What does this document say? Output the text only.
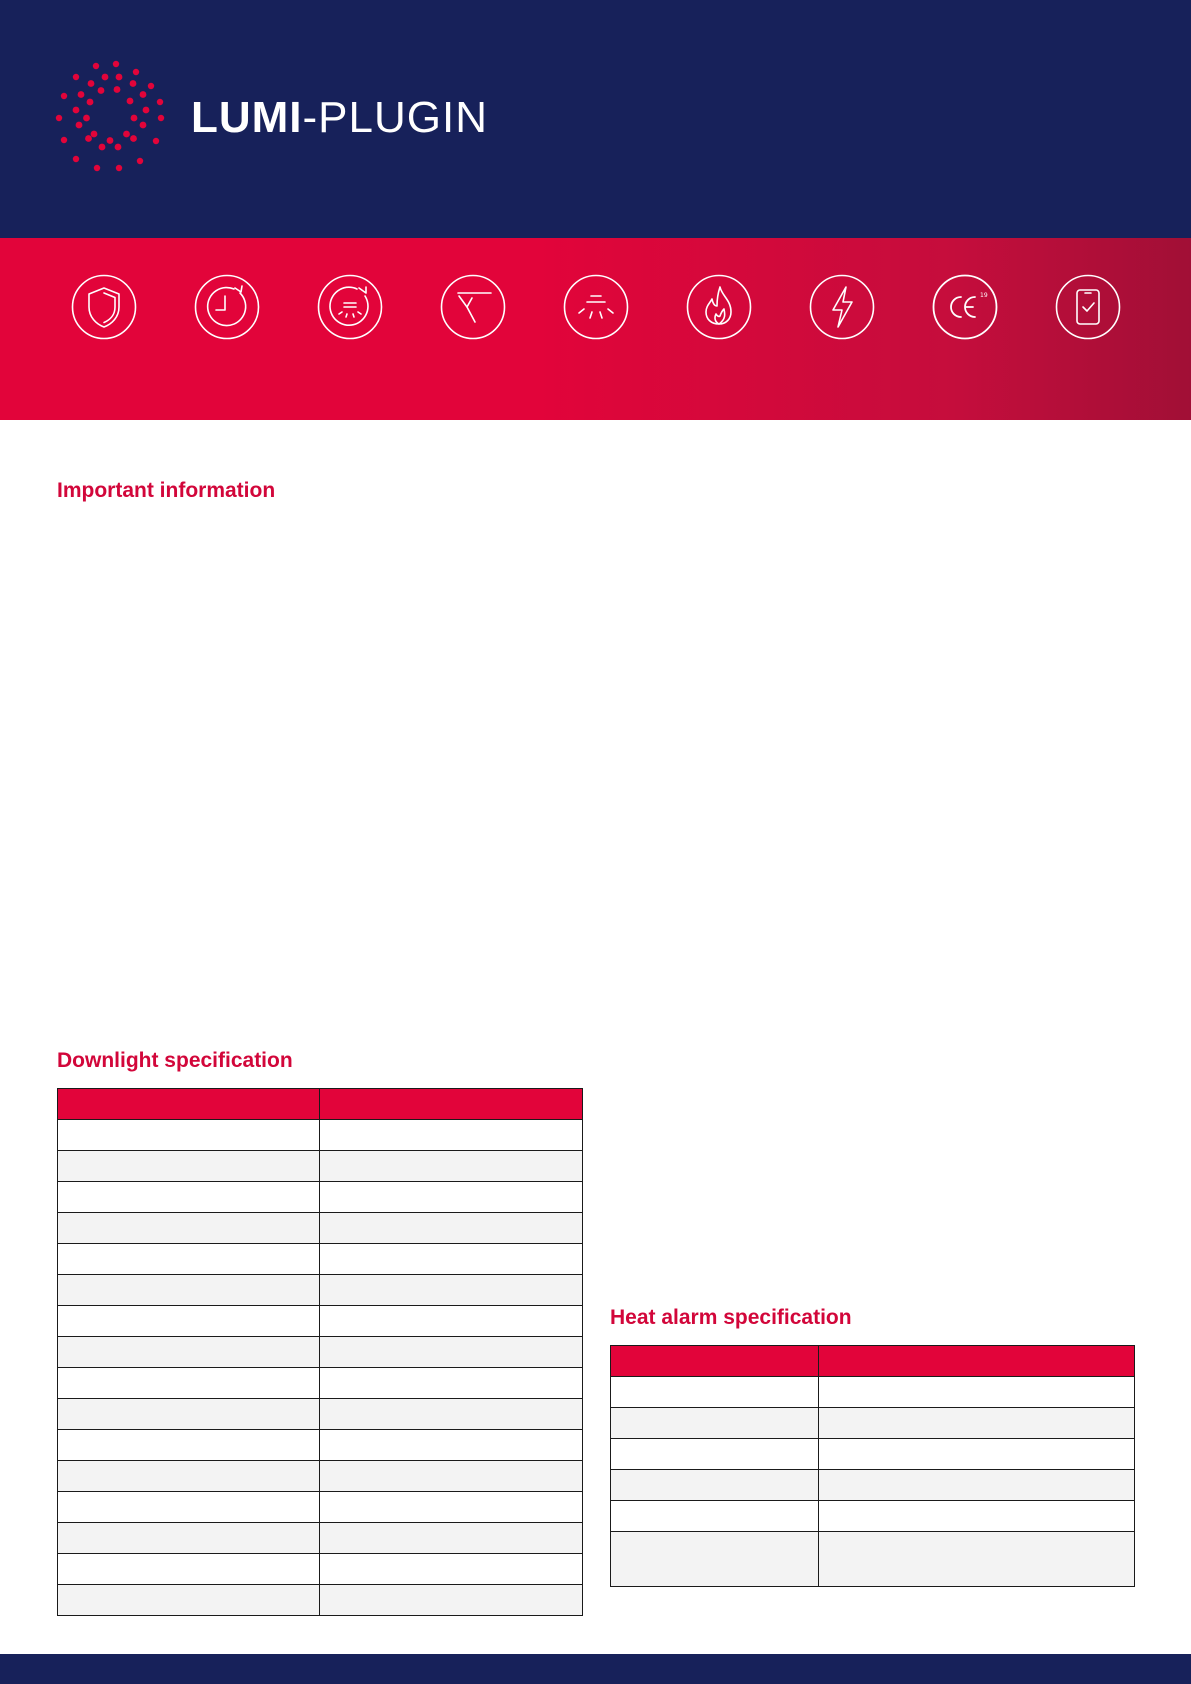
LUMI-PLUGIN
19
Important information
Downlight specification
Heat alarm specification
